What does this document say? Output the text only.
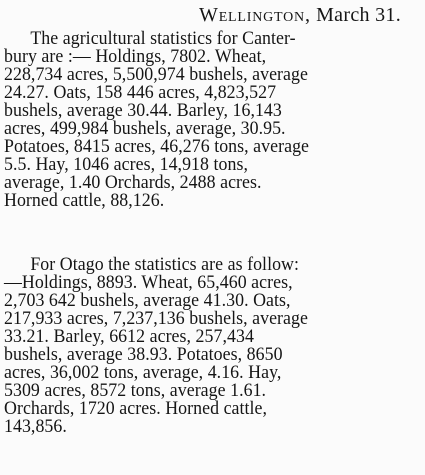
Wellington, March 31.
The agricultural statistics for Canter-
bury are :— Holdings, 7802. Wheat,
228,734 acres, 5,500,974 bushels, average
24.27. Oats, 158 446 acres, 4,823,527
bushels, average 30.44. Barley, 16,143
acres, 499,984 bushels, average, 30.95.
Potatoes, 8415 acres, 46,276 tons, average
5.5. Hay, 1046 acres, 14,918 tons,
average, 1.40 Orchards, 2488 acres.
Horned cattle, 88,126.
For Otago the statistics are as follow:
—Holdings, 8893. Wheat, 65,460 acres,
2,703 642 bushels, average 41.30. Oats,
217,933 acres, 7,237,136 bushels, average
33.21. Barley, 6612 acres, 257,434
bushels, average 38.93. Potatoes, 8650
acres, 36,002 tons, average, 4.16. Hay,
5309 acres, 8572 tons, average 1.61.
Orchards, 1720 acres. Horned cattle,
143,856.
